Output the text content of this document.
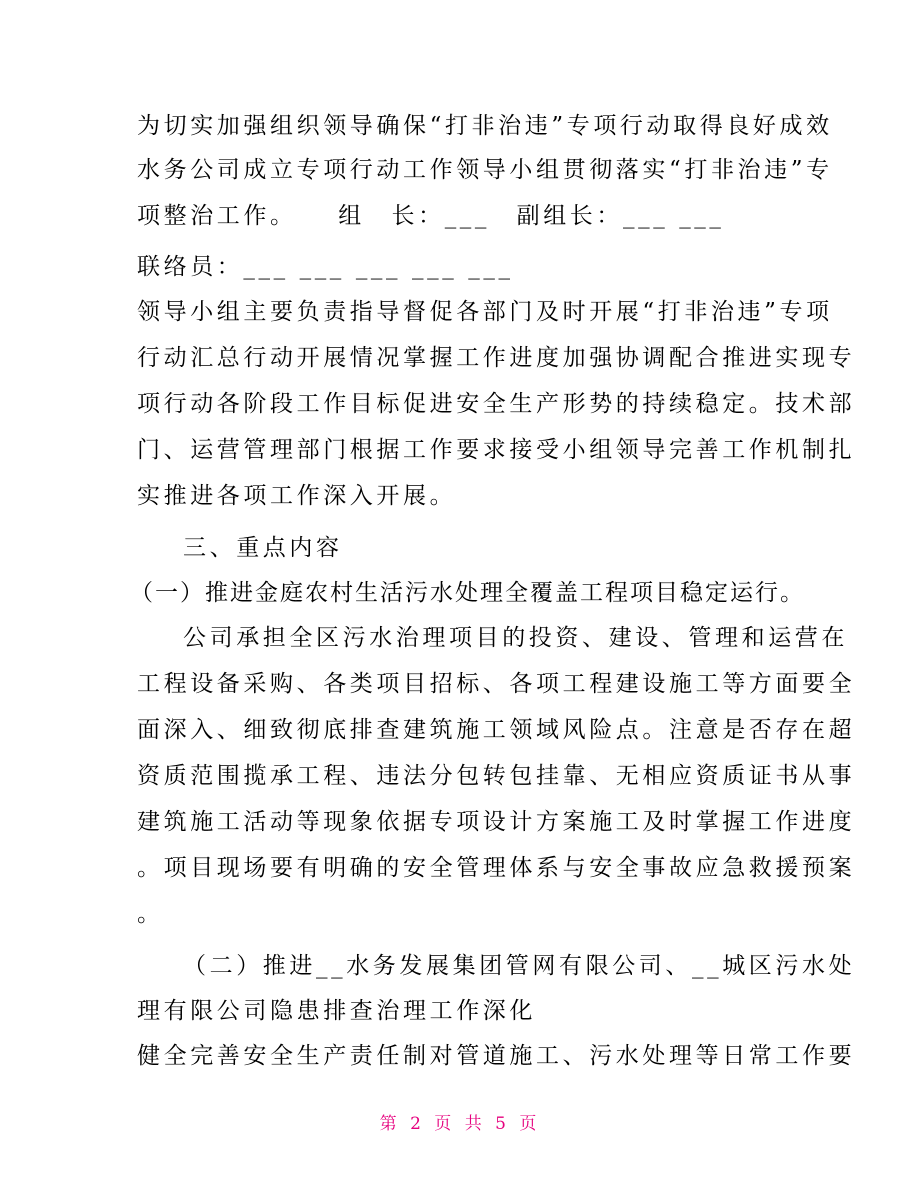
为切实加强组织领导确保“打非治违”专项行动取得良好成效
水务公司成立专项行动工作领导小组贯彻落实“打非治违”专
项整治工作。　　组　长：___　副组长：___ ___
联络员：___ ___ ___ ___ ___
领导小组主要负责指导督促各部门及时开展“打非治违”专项
行动汇总行动开展情况掌握工作进度加强协调配合推进实现专
项行动各阶段工作目标促进安全生产形势的持续稳定。技术部
门、运营管理部门根据工作要求接受小组领导完善工作机制扎
实推进各项工作深入开展。
三、重点内容
（一）推进金庭农村生活污水处理全覆盖工程项目稳定运行。
公司承担全区污水治理项目的投资、建设、管理和运营在
工程设备采购、各类项目招标、各项工程建设施工等方面要全
面深入、细致彻底排查建筑施工领域风险点。注意是否存在超
资质范围揽承工程、违法分包转包挂靠、无相应资质证书从事
建筑施工活动等现象依据专项设计方案施工及时掌握工作进度
。项目现场要有明确的安全管理体系与安全事故应急救援预案
。
（二）推进__水务发展集团管网有限公司、__城区污水处
理有限公司隐患排查治理工作深化
健全完善安全生产责任制对管道施工、污水处理等日常工作要
第 2 页 共 5 页
